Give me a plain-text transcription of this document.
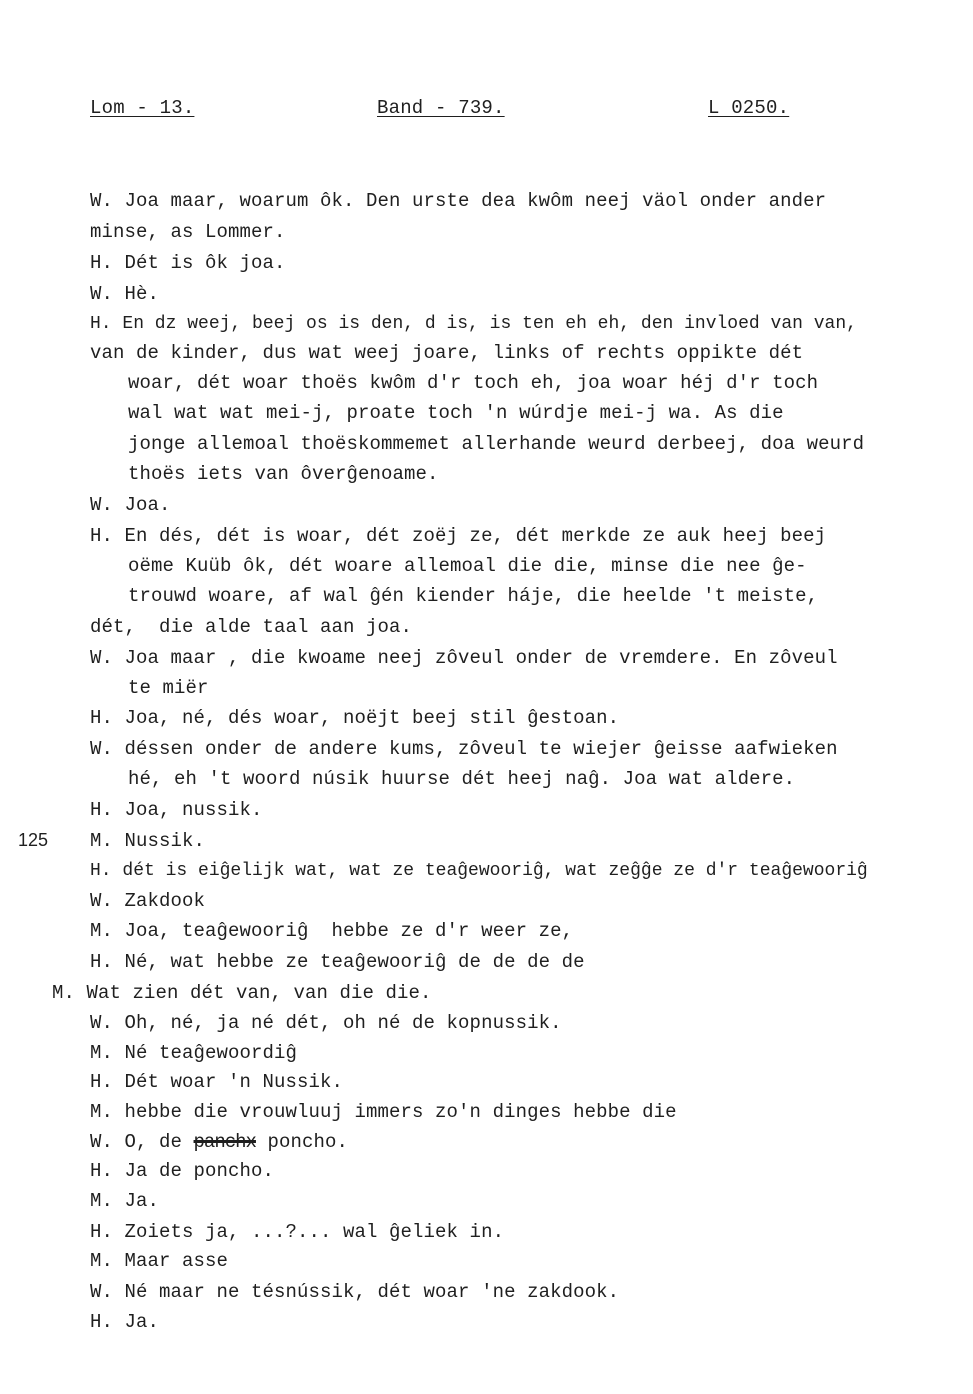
Lom - 13.	Band - 739.	L 0250.
125
W. Joa maar, woarum ôk. Den urste dea kwôm neej väol onder ander
minse, as Lommer.
H. Dét is ôk joa.
W. Hè.
H. En dz weej, beej os is den, d is, is ten eh eh, den invloed van van,
van de kinder, dus wat weej joare, links of rechts oppikte dét
woar, dét woar thoës kwôm d'r toch eh, joa woar héj d'r toch
wal wat wat mei-j, proate toch 'n wúrdje mei-j wa. As die
jonge allemoal thoëskommemet allerhande weurd derbeej, doa weurd
thoës iets van ôverĝenoame.
W. Joa.
H. En dés, dét is woar, dét zoëj ze, dét merkde ze auk heej beej
oëme Kuüb ôk, dét woare allemoal die die, minse die nee ĝe-
trouwd woare, af wal ĝén kiender háje, die heelde 't meiste,
dét,  die alde taal aan joa.
W. Joa maar , die kwoame neej zôveul onder de vremdere. En zôveul
te miër
H. Joa, né, dés woar, noëjt beej stil ĝestoan.
W. déssen onder de andere kums, zôveul te wiejer ĝeisse aafwieken
hé, eh 't woord núsik huurse dét heej naĝ. Joa wat aldere.
H. Joa, nussik.
M. Nussik.
H. dét is eiĝelijk wat, wat ze teaĝewooriĝ, wat zeĝĝe ze d'r teaĝewooriĝ
W. Zakdook
M. Joa, teaĝewooriĝ  hebbe ze d'r weer ze,
H. Né, wat hebbe ze teaĝewooriĝ de de de de
M. Wat zien dét van, van die die.
W. Oh, né, ja né dét, oh né de kopnussik.
M. Né teaĝewoordiĝ
H. Dét woar 'n Nussik.
M. hebbe die vrouwluuj immers zo'n dinges hebbe die
W. O, de panchx poncho.
H. Ja de poncho.
M. Ja.
H. Zoiets ja, ...?... wal ĝeliek in.
M. Maar asse
W. Né maar ne tésnússik, dét woar 'ne zakdook.
H. Ja.
